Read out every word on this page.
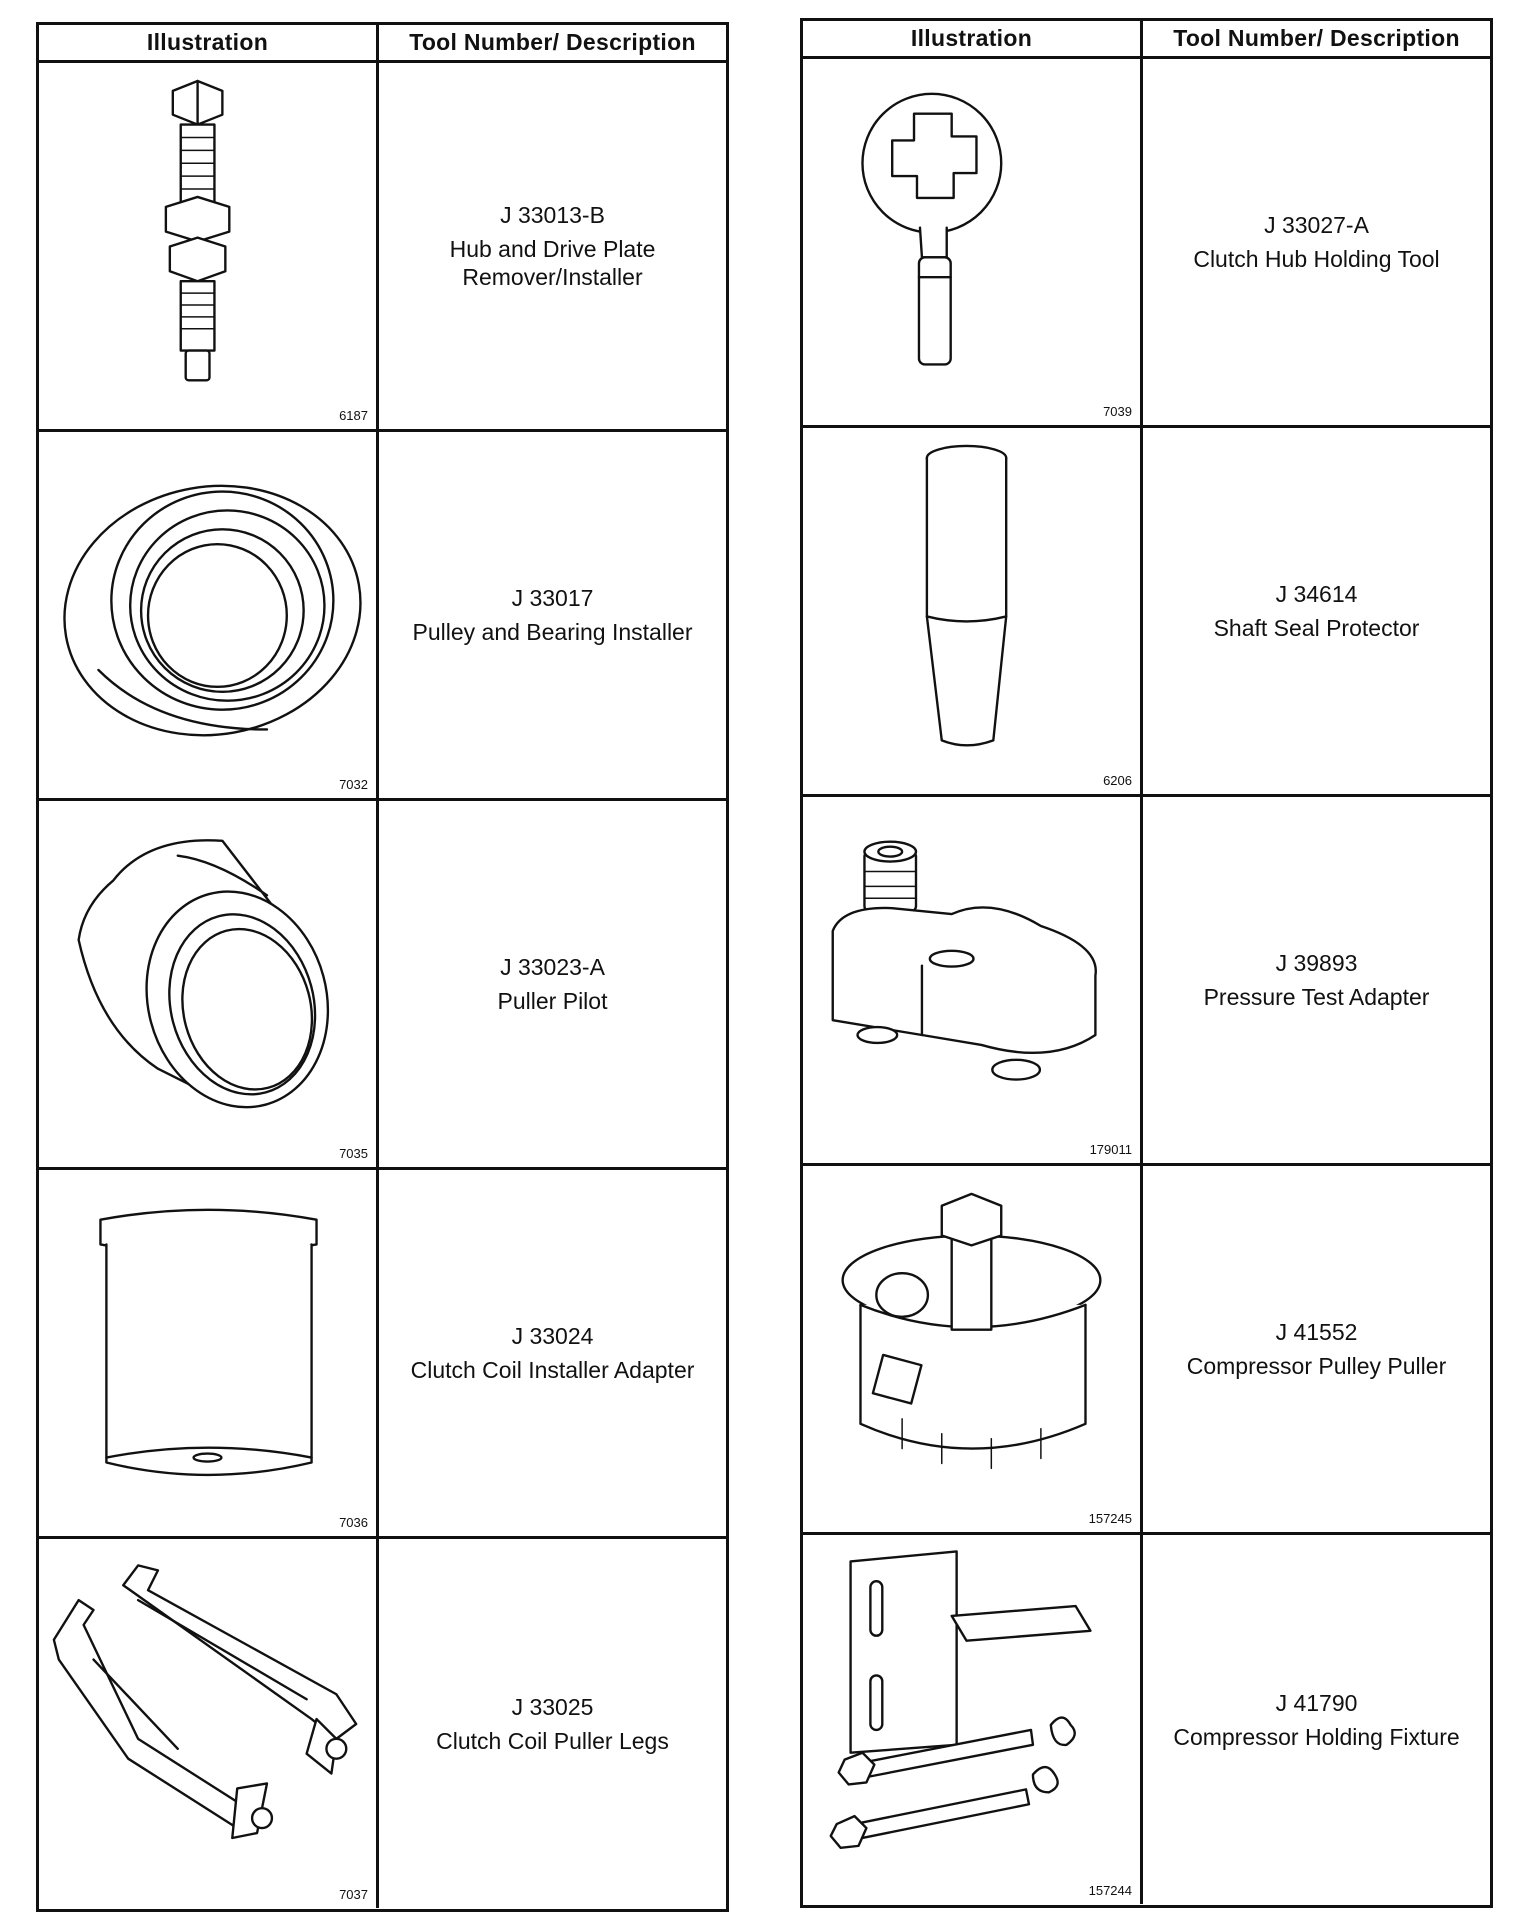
Illustration	Tool Number/ Description
6187
J 33013-B
Hub and Drive Plate
Remover/Installer
7032
J 33017
Pulley and Bearing Installer
7035
J 33023-A
Puller Pilot
7036
J 33024
Clutch Coil Installer Adapter
7037
J 33025
Clutch Coil Puller Legs
Illustration	Tool Number/ Description
7039
J 33027-A
Clutch Hub Holding Tool
6206
J 34614
Shaft Seal Protector
179011
J 39893
Pressure Test Adapter
157245
J 41552
Compressor Pulley Puller
157244
J 41790
Compressor Holding Fixture
